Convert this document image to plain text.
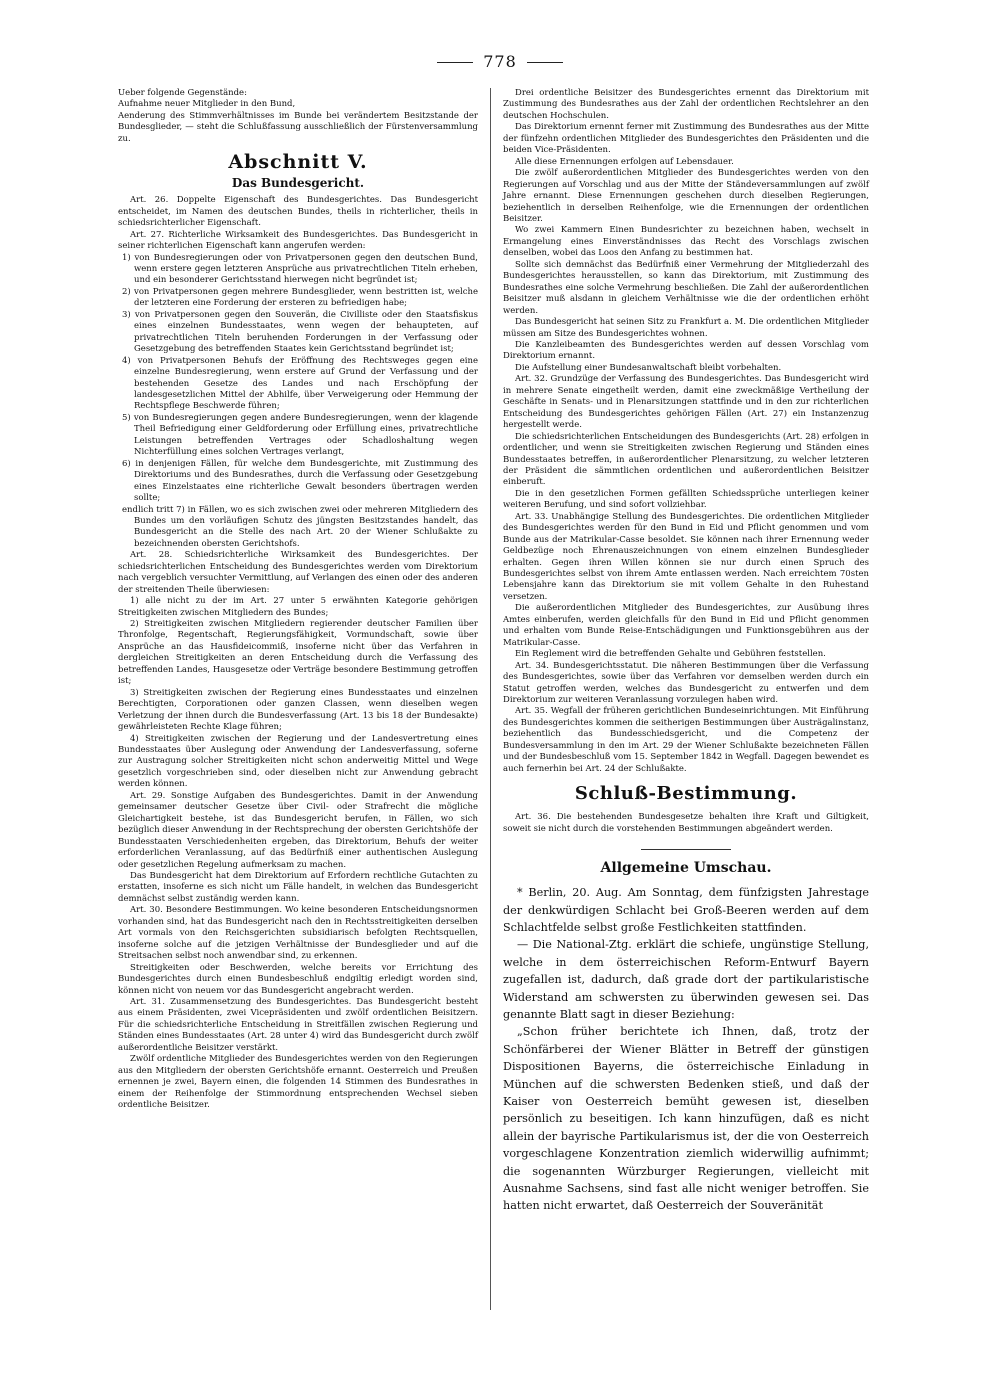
778

Ueber folgende Gegenstände:

Aufnahme neuer Mitglieder in den Bund,

Aenderung des Stimmverhältnisses im Bunde bei verändertem Besitzstande der Bundesglieder, — steht die Schlußfassung ausschließlich der Fürstenversammlung zu.

Abschnitt V.
Das Bundesgericht.

Art. 26. Doppelte Eigenschaft des Bundesgerichtes. Das Bundesgericht entscheidet, im Namen des deutschen Bundes, theils in richterlicher, theils in schiedsrichterlicher Eigenschaft.

Art. 27. Richterliche Wirksamkeit des Bundesgerichtes. Das Bundesgericht in seiner richterlichen Eigenschaft kann angerufen werden:

1) von Bundesregierungen oder von Privatpersonen gegen den deutschen Bund, wenn erstere gegen letzteren Ansprüche aus privatrechtlichen Titeln erheben, und ein besonderer Gerichtsstand hierwegen nicht begründet ist;

2) von Privatpersonen gegen mehrere Bundesglieder, wenn bestritten ist, welche der letzteren eine Forderung der ersteren zu befriedigen habe;

3) von Privatpersonen gegen den Souverän, die Civilliste oder den Staatsfiskus eines einzelnen Bundesstaates, wenn wegen der behaupteten, auf privatrechtlichen Titeln beruhenden Forderungen in der Verfassung oder Gesetzgebung des betreffenden Staates kein Gerichtsstand begründet ist;

4) von Privatpersonen Behufs der Eröffnung des Rechtsweges gegen eine einzelne Bundesregierung, wenn erstere auf Grund der Verfassung und der bestehenden Gesetze des Landes und nach Erschöpfung der landesgesetzlichen Mittel der Abhilfe, über Verweigerung oder Hemmung der Rechtspflege Beschwerde führen;

5) von Bundesregierungen gegen andere Bundesregierungen, wenn der klagende Theil Befriedigung einer Geldforderung oder Erfüllung eines, privatrechtliche Leistungen betreffenden Vertrages oder Schadloshaltung wegen Nichterfüllung eines solchen Vertrages verlangt,

6) in denjenigen Fällen, für welche dem Bundesgerichte, mit Zustimmung des Direktoriums und des Bundesrathes, durch die Verfassung oder Gesetzgebung eines Einzelstaates eine richterliche Gewalt besonders übertragen werden sollte;

endlich tritt 7) in Fällen, wo es sich zwischen zwei oder mehreren Mitgliedern des Bundes um den vorläufigen Schutz des jüngsten Besitzstandes handelt, das Bundesgericht an die Stelle des nach Art. 20 der Wiener Schlußakte zu bezeichnenden obersten Gerichtshofs.

Art. 28. Schiedsrichterliche Wirksamkeit des Bundesgerichtes. Der schiedsrichterlichen Entscheidung des Bundesgerichtes werden vom Direktorium nach vergeblich versuchter Vermittlung, auf Verlangen des einen oder des anderen der streitenden Theile überwiesen:

1) alle nicht zu der im Art. 27 unter 5 erwähnten Kategorie gehörigen Streitigkeiten zwischen Mitgliedern des Bundes;

2) Streitigkeiten zwischen Mitgliedern regierender deutscher Familien über Thronfolge, Regentschaft, Regierungsfähigkeit, Vormundschaft, sowie über Ansprüche an das Hausfideicommiß, insoferne nicht über das Verfahren in dergleichen Streitigkeiten an deren Entscheidung durch die Verfassung des betreffenden Landes, Hausgesetze oder Verträge besondere Bestimmung getroffen ist;

3) Streitigkeiten zwischen der Regierung eines Bundesstaates und einzelnen Berechtigten, Corporationen oder ganzen Classen, wenn dieselben wegen Verletzung der ihnen durch die Bundesverfassung (Art. 13 bis 18 der Bundesakte) gewährleisteten Rechte Klage führen;

4) Streitigkeiten zwischen der Regierung und der Landesvertretung eines Bundesstaates über Auslegung oder Anwendung der Landesverfassung, soferne zur Austragung solcher Streitigkeiten nicht schon anderweitig Mittel und Wege gesetzlich vorgeschrieben sind, oder dieselben nicht zur Anwendung gebracht werden können.

Art. 29. Sonstige Aufgaben des Bundesgerichtes. Damit in der Anwendung gemeinsamer deutscher Gesetze über Civil- oder Strafrecht die mögliche Gleichartigkeit bestehe, ist das Bundesgericht berufen, in Fällen, wo sich bezüglich dieser Anwendung in der Rechtsprechung der obersten Gerichtshöfe der Bundesstaaten Verschiedenheiten ergeben, das Direktorium, Behufs der weiter erforderlichen Veranlassung, auf das Bedürfniß einer authentischen Auslegung oder gesetzlichen Regelung aufmerksam zu machen.

Das Bundesgericht hat dem Direktorium auf Erfordern rechtliche Gutachten zu erstatten, insoferne es sich nicht um Fälle handelt, in welchen das Bundesgericht demnächst selbst zuständig werden kann.

Art. 30. Besondere Bestimmungen. Wo keine besonderen Entscheidungsnormen vorhanden sind, hat das Bundesgericht nach den in Rechtsstreitigkeiten derselben Art vormals von den Reichsgerichten subsidiarisch befolgten Rechtsquellen, insoferne solche auf die jetzigen Verhältnisse der Bundesglieder und auf die Streitsachen selbst noch anwendbar sind, zu erkennen.

Streitigkeiten oder Beschwerden, welche bereits vor Errichtung des Bundesgerichtes durch einen Bundesbeschluß endgiltig erledigt worden sind, können nicht von neuem vor das Bundesgericht angebracht werden.

Art. 31. Zusammensetzung des Bundesgerichtes. Das Bundesgericht besteht aus einem Präsidenten, zwei Vicepräsidenten und zwölf ordentlichen Beisitzern. Für die schiedsrichterliche Entscheidung in Streitfällen zwischen Regierung und Ständen eines Bundesstaates (Art. 28 unter 4) wird das Bundesgericht durch zwölf außerordentliche Beisitzer verstärkt.

Zwölf ordentliche Mitglieder des Bundesgerichtes werden von den Regierungen aus den Mitgliedern der obersten Gerichtshöfe ernannt. Oesterreich und Preußen ernennen je zwei, Bayern einen, die folgenden 14 Stimmen des Bundesrathes in einem der Reihenfolge der Stimmordnung entsprechenden Wechsel sieben ordentliche Beisitzer.

Drei ordentliche Beisitzer des Bundesgerichtes ernennt das Direktorium mit Zustimmung des Bundesrathes aus der Zahl der ordentlichen Rechtslehrer an den deutschen Hochschulen.

Das Direktorium ernennt ferner mit Zustimmung des Bundesrathes aus der Mitte der fünfzehn ordentlichen Mitglieder des Bundesgerichtes den Präsidenten und die beiden Vice-Präsidenten.

Alle diese Ernennungen erfolgen auf Lebensdauer.

Die zwölf außerordentlichen Mitglieder des Bundesgerichtes werden von den Regierungen auf Vorschlag und aus der Mitte der Ständeversammlungen auf zwölf Jahre ernannt. Diese Ernennungen geschehen durch dieselben Regierungen, beziehentlich in derselben Reihenfolge, wie die Ernennungen der ordentlichen Beisitzer.

Wo zwei Kammern Einen Bundesrichter zu bezeichnen haben, wechselt in Ermangelung eines Einverständnisses das Recht des Vorschlags zwischen denselben, wobei das Loos den Anfang zu bestimmen hat.

Sollte sich demnächst das Bedürfniß einer Vermehrung der Mitgliederzahl des Bundesgerichtes herausstellen, so kann das Direktorium, mit Zustimmung des Bundesrathes eine solche Vermehrung beschließen. Die Zahl der außerordentlichen Beisitzer muß alsdann in gleichem Verhältnisse wie die der ordentlichen erhöht werden.

Das Bundesgericht hat seinen Sitz zu Frankfurt a. M. Die ordentlichen Mitglieder müssen am Sitze des Bundesgerichtes wohnen.

Die Kanzleibeamten des Bundesgerichtes werden auf dessen Vorschlag vom Direktorium ernannt.

Die Aufstellung einer Bundesanwaltschaft bleibt vorbehalten.

Art. 32. Grundzüge der Verfassung des Bundesgerichtes. Das Bundesgericht wird in mehrere Senate eingetheilt werden, damit eine zweckmäßige Vertheilung der Geschäfte in Senats- und in Plenarsitzungen stattfinde und in den zur richterlichen Entscheidung des Bundesgerichtes gehörigen Fällen (Art. 27) ein Instanzenzug hergestellt werde.

Die schiedsrichterlichen Entscheidungen des Bundesgerichts (Art. 28) erfolgen in ordentlicher, und wenn sie Streitigkeiten zwischen Regierung und Ständen eines Bundesstaates betreffen, in außerordentlicher Plenarsitzung, zu welcher letzteren der Präsident die sämmtlichen ordentlichen und außerordentlichen Beisitzer einberuft.

Die in den gesetzlichen Formen gefällten Schiedssprüche unterliegen keiner weiteren Berufung, und sind sofort vollziehbar.

Art. 33. Unabhängige Stellung des Bundesgerichtes. Die ordentlichen Mitglieder des Bundesgerichtes werden für den Bund in Eid und Pflicht genommen und vom Bunde aus der Matrikular-Casse besoldet. Sie können nach ihrer Ernennung weder Geldbezüge noch Ehrenauszeichnungen von einem einzelnen Bundesglieder erhalten. Gegen ihren Willen können sie nur durch einen Spruch des Bundesgerichtes selbst von ihrem Amte entlassen werden. Nach erreichtem 70sten Lebensjahre kann das Direktorium sie mit vollem Gehalte in den Ruhestand versetzen.

Die außerordentlichen Mitglieder des Bundesgerichtes, zur Ausübung ihres Amtes einberufen, werden gleichfalls für den Bund in Eid und Pflicht genommen und erhalten vom Bunde Reise-Entschädigungen und Funktionsgebühren aus der Matrikular-Casse.

Ein Reglement wird die betreffenden Gehalte und Gebühren feststellen.

Art. 34. Bundesgerichtsstatut. Die näheren Bestimmungen über die Verfassung des Bundesgerichtes, sowie über das Verfahren vor demselben werden durch ein Statut getroffen werden, welches das Bundesgericht zu entwerfen und dem Direktorium zur weiteren Veranlassung vorzulegen haben wird.

Art. 35. Wegfall der früheren gerichtlichen Bundeseinrichtungen. Mit Einführung des Bundesgerichtes kommen die seitherigen Bestimmungen über Austrägalinstanz, beziehentlich das Bundesschiedsgericht, und die Competenz der Bundesversammlung in den im Art. 29 der Wiener Schlußakte bezeichneten Fällen und der Bundesbeschluß vom 15. September 1842 in Wegfall. Dagegen bewendet es auch fernerhin bei Art. 24 der Schlußakte.

Schluß-Bestimmung.

Art. 36. Die bestehenden Bundesgesetze behalten ihre Kraft und Giltigkeit, soweit sie nicht durch die vorstehenden Bestimmungen abgeändert werden.

Allgemeine Umschau.

* Berlin, 20. Aug. Am Sonntag, dem fünfzigsten Jahrestage der denkwürdigen Schlacht bei Groß-Beeren werden auf dem Schlachtfelde selbst große Festlichkeiten stattfinden.

— Die National-Ztg. erklärt die schiefe, ungünstige Stellung, welche in dem österreichischen Reform-Entwurf Bayern zugefallen ist, dadurch, daß grade dort der partikularistische Widerstand am schwersten zu überwinden gewesen sei. Das genannte Blatt sagt in dieser Beziehung:

„Schon früher berichtete ich Ihnen, daß, trotz der Schönfärberei der Wiener Blätter in Betreff der günstigen Dispositionen Bayerns, die österreichische Einladung in München auf die schwersten Bedenken stieß, und daß der Kaiser von Oesterreich bemüht gewesen ist, dieselben persönlich zu beseitigen. Ich kann hinzufügen, daß es nicht allein der bayrische Partikularismus ist, der die von Oesterreich vorgeschlagene Konzentration ziemlich widerwillig aufnimmt; die sogenannten Würzburger Regierungen, vielleicht mit Ausnahme Sachsens, sind fast alle nicht weniger betroffen. Sie hatten nicht erwartet, daß Oesterreich der Souveränität
